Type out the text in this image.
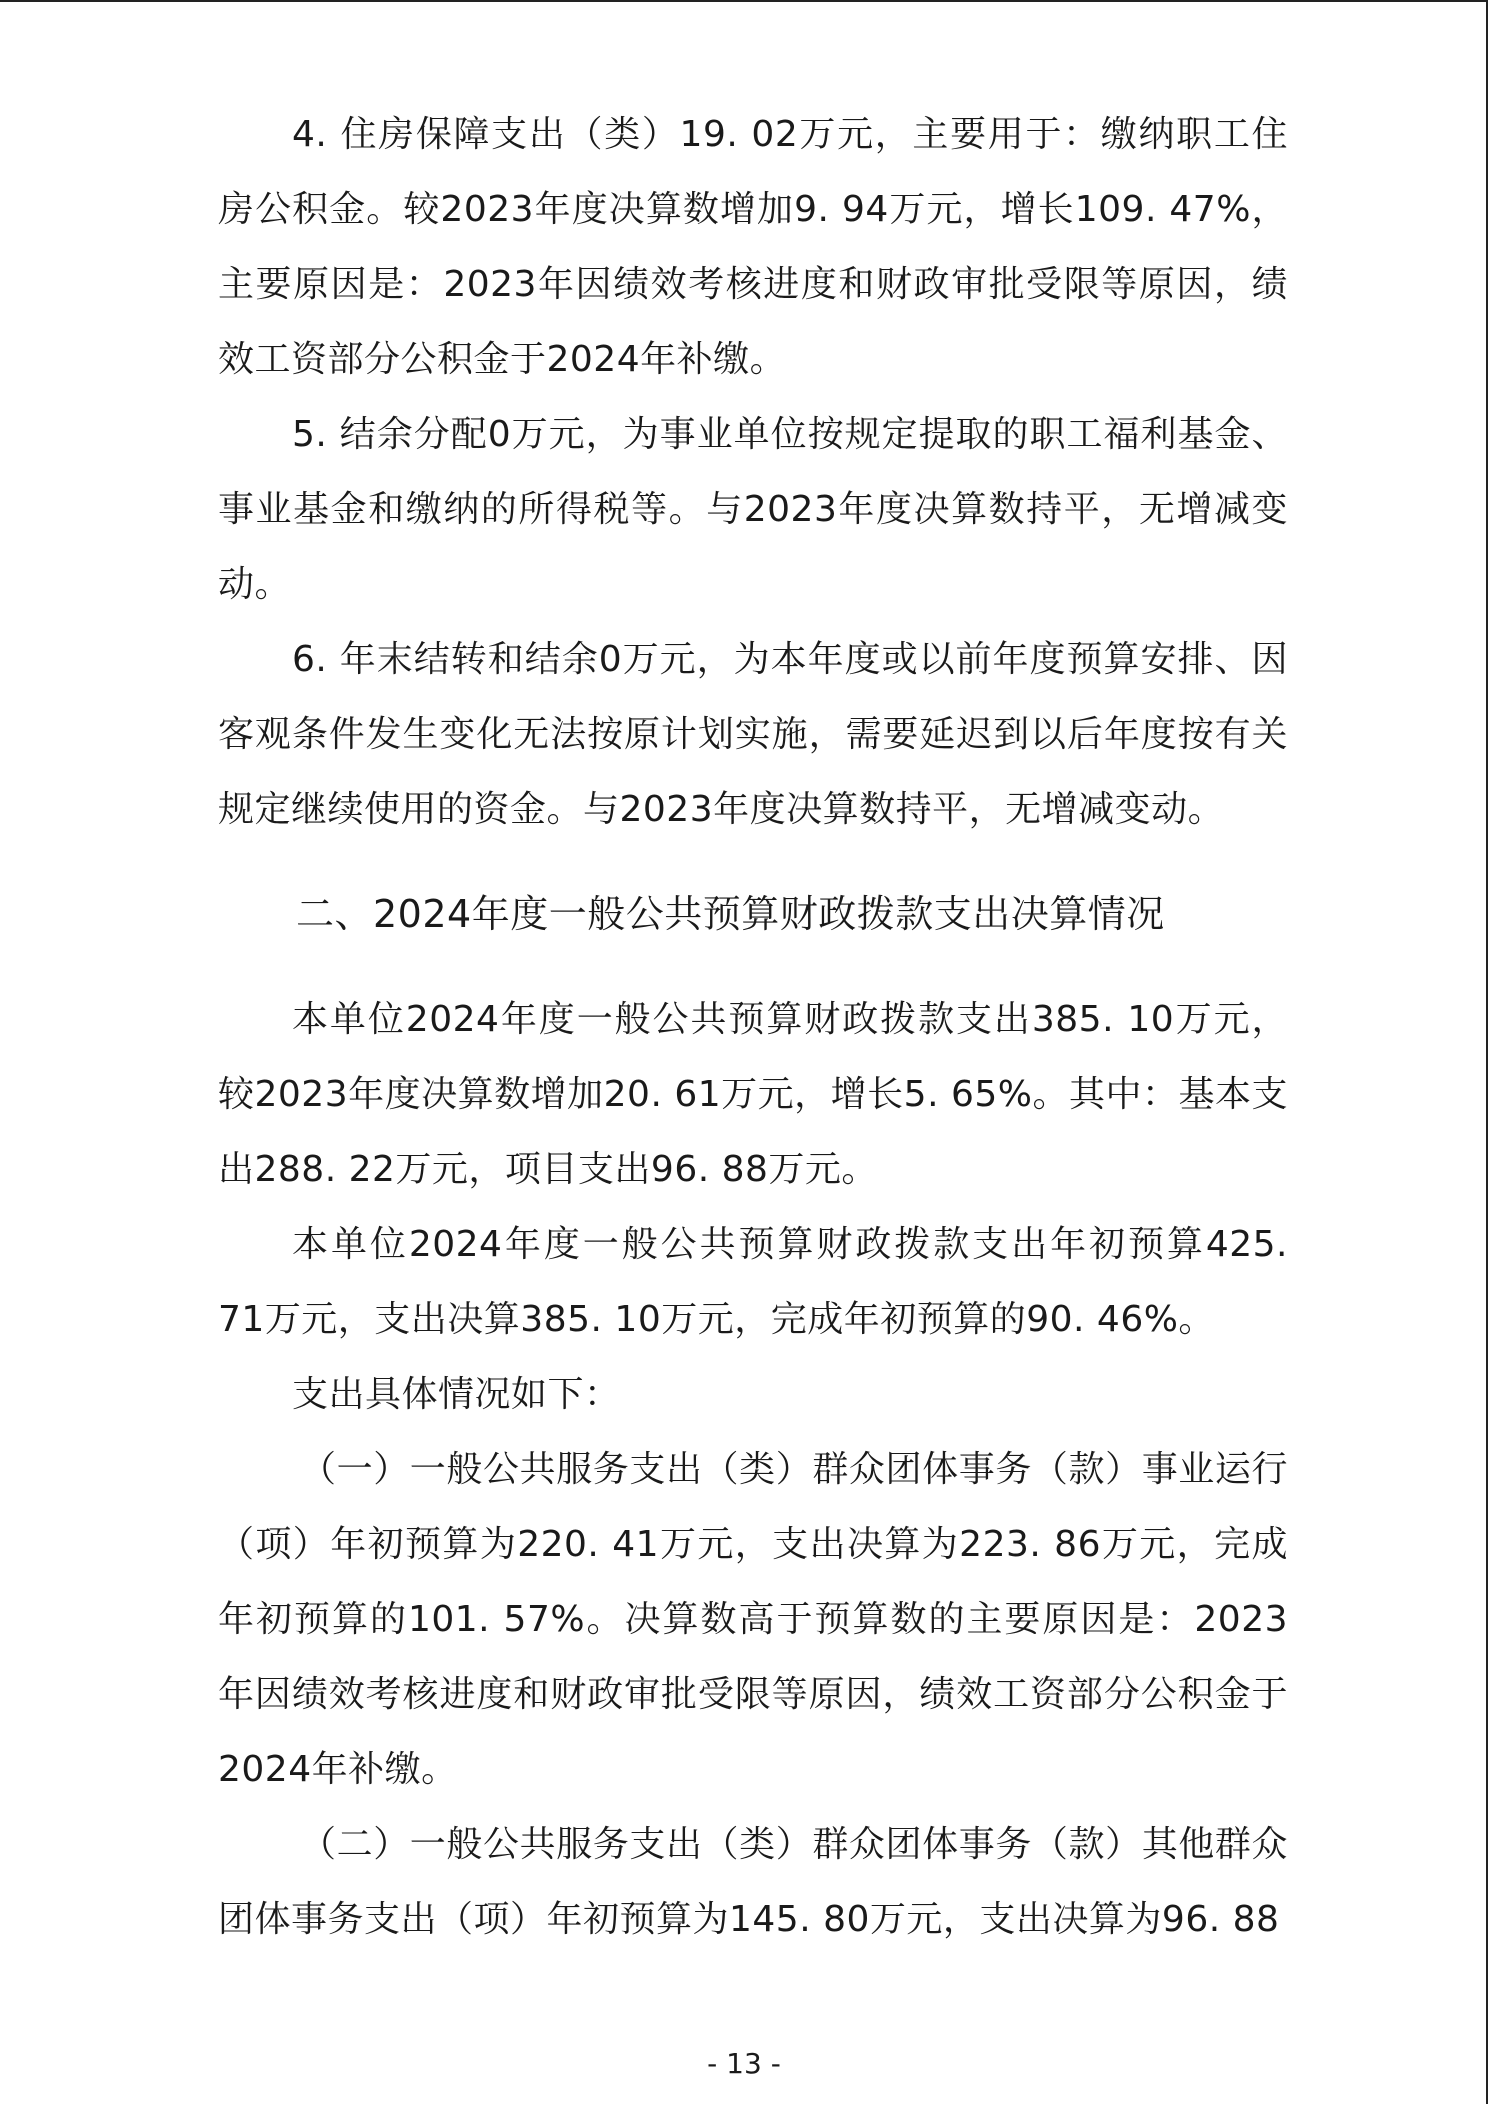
4. 住房保障支出（类）19. 02万元，主要用于：缴纳职工住房公积金。较2023年度决算数增加9. 94万元，增长109. 47%，主要原因是：2023年因绩效考核进度和财政审批受限等原因，绩效工资部分公积金于2024年补缴。

5. 结余分配0万元，为事业单位按规定提取的职工福利基金、事业基金和缴纳的所得税等。与2023年度决算数持平，无增减变动。

6. 年末结转和结余0万元，为本年度或以前年度预算安排、因客观条件发生变化无法按原计划实施，需要延迟到以后年度按有关规定继续使用的资金。与2023年度决算数持平，无增减变动。

二、2024年度一般公共预算财政拨款支出决算情况

本单位2024年度一般公共预算财政拨款支出385. 10万元，较2023年度决算数增加20. 61万元，增长5. 65%。其中：基本支出288. 22万元，项目支出96. 88万元。

本单位2024年度一般公共预算财政拨款支出年初预算425. 71万元，支出决算385. 10万元，完成年初预算的90. 46%。

支出具体情况如下：

（一）一般公共服务支出（类）群众团体事务（款）事业运行（项）年初预算为220. 41万元，支出决算为223. 86万元，完成年初预算的101. 57%。决算数高于预算数的主要原因是：2023年因绩效考核进度和财政审批受限等原因，绩效工资部分公积金于2024年补缴。

（二）一般公共服务支出（类）群众团体事务（款）其他群众团体事务支出（项）年初预算为145. 80万元，支出决算为96. 88

- 13 -
